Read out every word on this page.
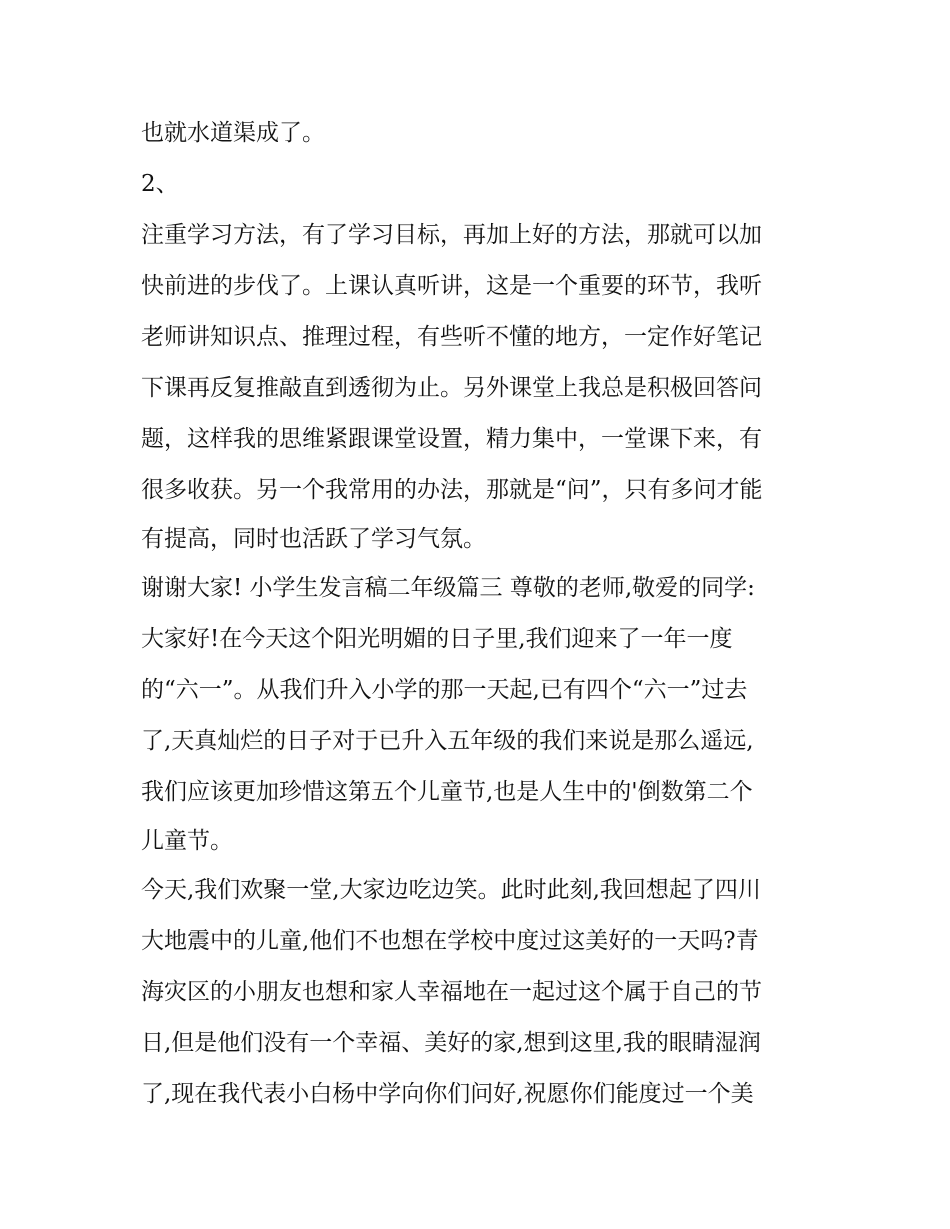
也就水道渠成了。
2、
注重学习方法，有了学习目标，再加上好的方法，那就可以加
快前进的步伐了。上课认真听讲，这是一个重要的环节，我听
老师讲知识点、推理过程，有些听不懂的地方，一定作好笔记
下课再反复推敲直到透彻为止。另外课堂上我总是积极回答问
题，这样我的思维紧跟课堂设置，精力集中，一堂课下来，有
很多收获。另一个我常用的办法，那就是“问”，只有多问才能
有提高，同时也活跃了学习气氛。
谢谢大家! 小学生发言稿二年级篇三 尊敬的老师,敬爱的同学:
大家好!在今天这个阳光明媚的日子里,我们迎来了一年一度
的“六一”。从我们升入小学的那一天起,已有四个“六一”过去
了,天真灿烂的日子对于已升入五年级的我们来说是那么遥远,
我们应该更加珍惜这第五个儿童节,也是人生中的'倒数第二个
儿童节。
今天,我们欢聚一堂,大家边吃边笑。此时此刻,我回想起了四川
大地震中的儿童,他们不也想在学校中度过这美好的一天吗?青
海灾区的小朋友也想和家人幸福地在一起过这个属于自己的节
日,但是他们没有一个幸福、美好的家,想到这里,我的眼睛湿润
了,现在我代表小白杨中学向你们问好,祝愿你们能度过一个美
